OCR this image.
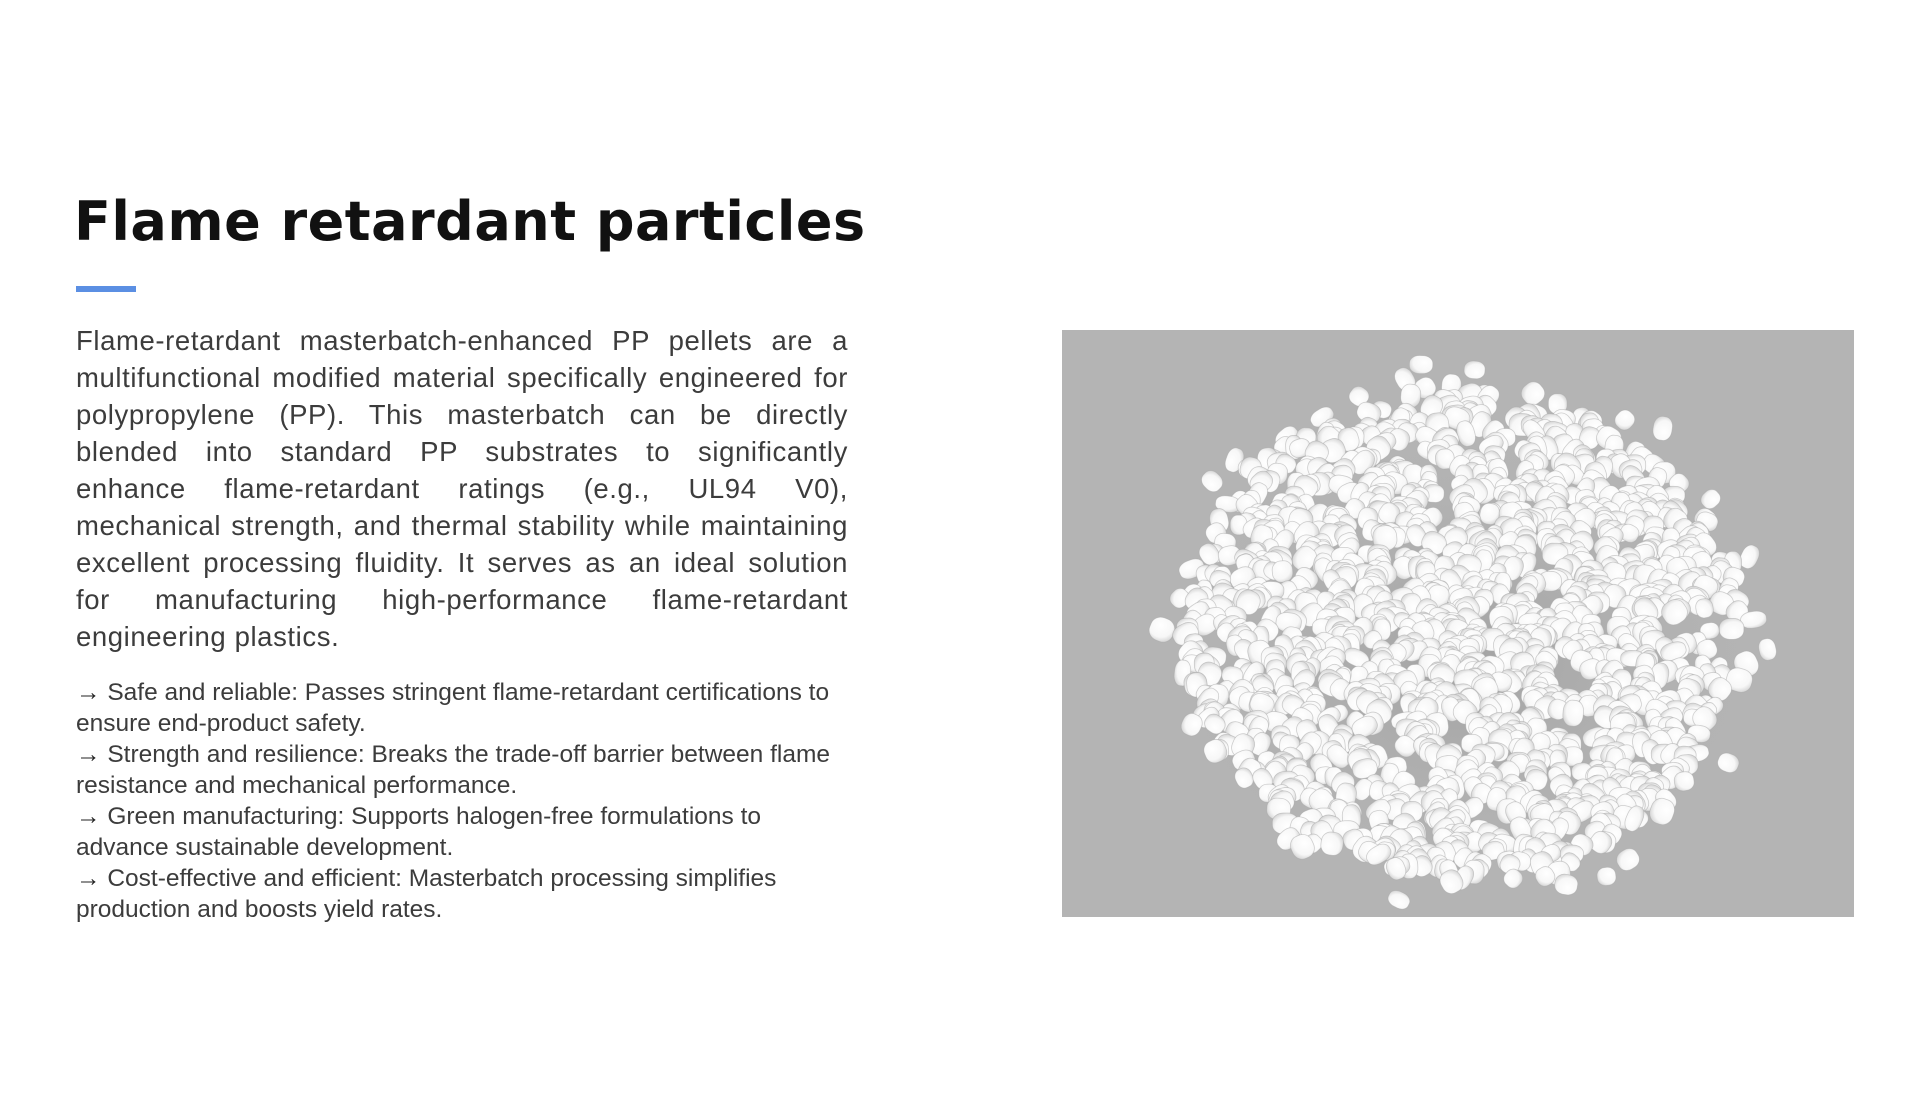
Flame retardant particles

Flame-retardant masterbatch-enhanced PP pellets are a multifunctional modified material specifically engineered for polypropylene (PP). This masterbatch can be directly blended into standard PP substrates to significantly enhance flame-retardant ratings (e.g., UL94 V0), mechanical strength, and thermal stability while maintaining excellent processing fluidity. It serves as an ideal solution for manufacturing high-performance flame-retardant engineering plastics.

→ Safe and reliable: Passes stringent flame-retardant certifications to ensure end-product safety.
→ Strength and resilience: Breaks the trade-off barrier between flame resistance and mechanical performance.
→ Green manufacturing: Supports halogen-free formulations to advance sustainable development.
→ Cost-effective and efficient: Masterbatch processing simplifies production and boosts yield rates.
